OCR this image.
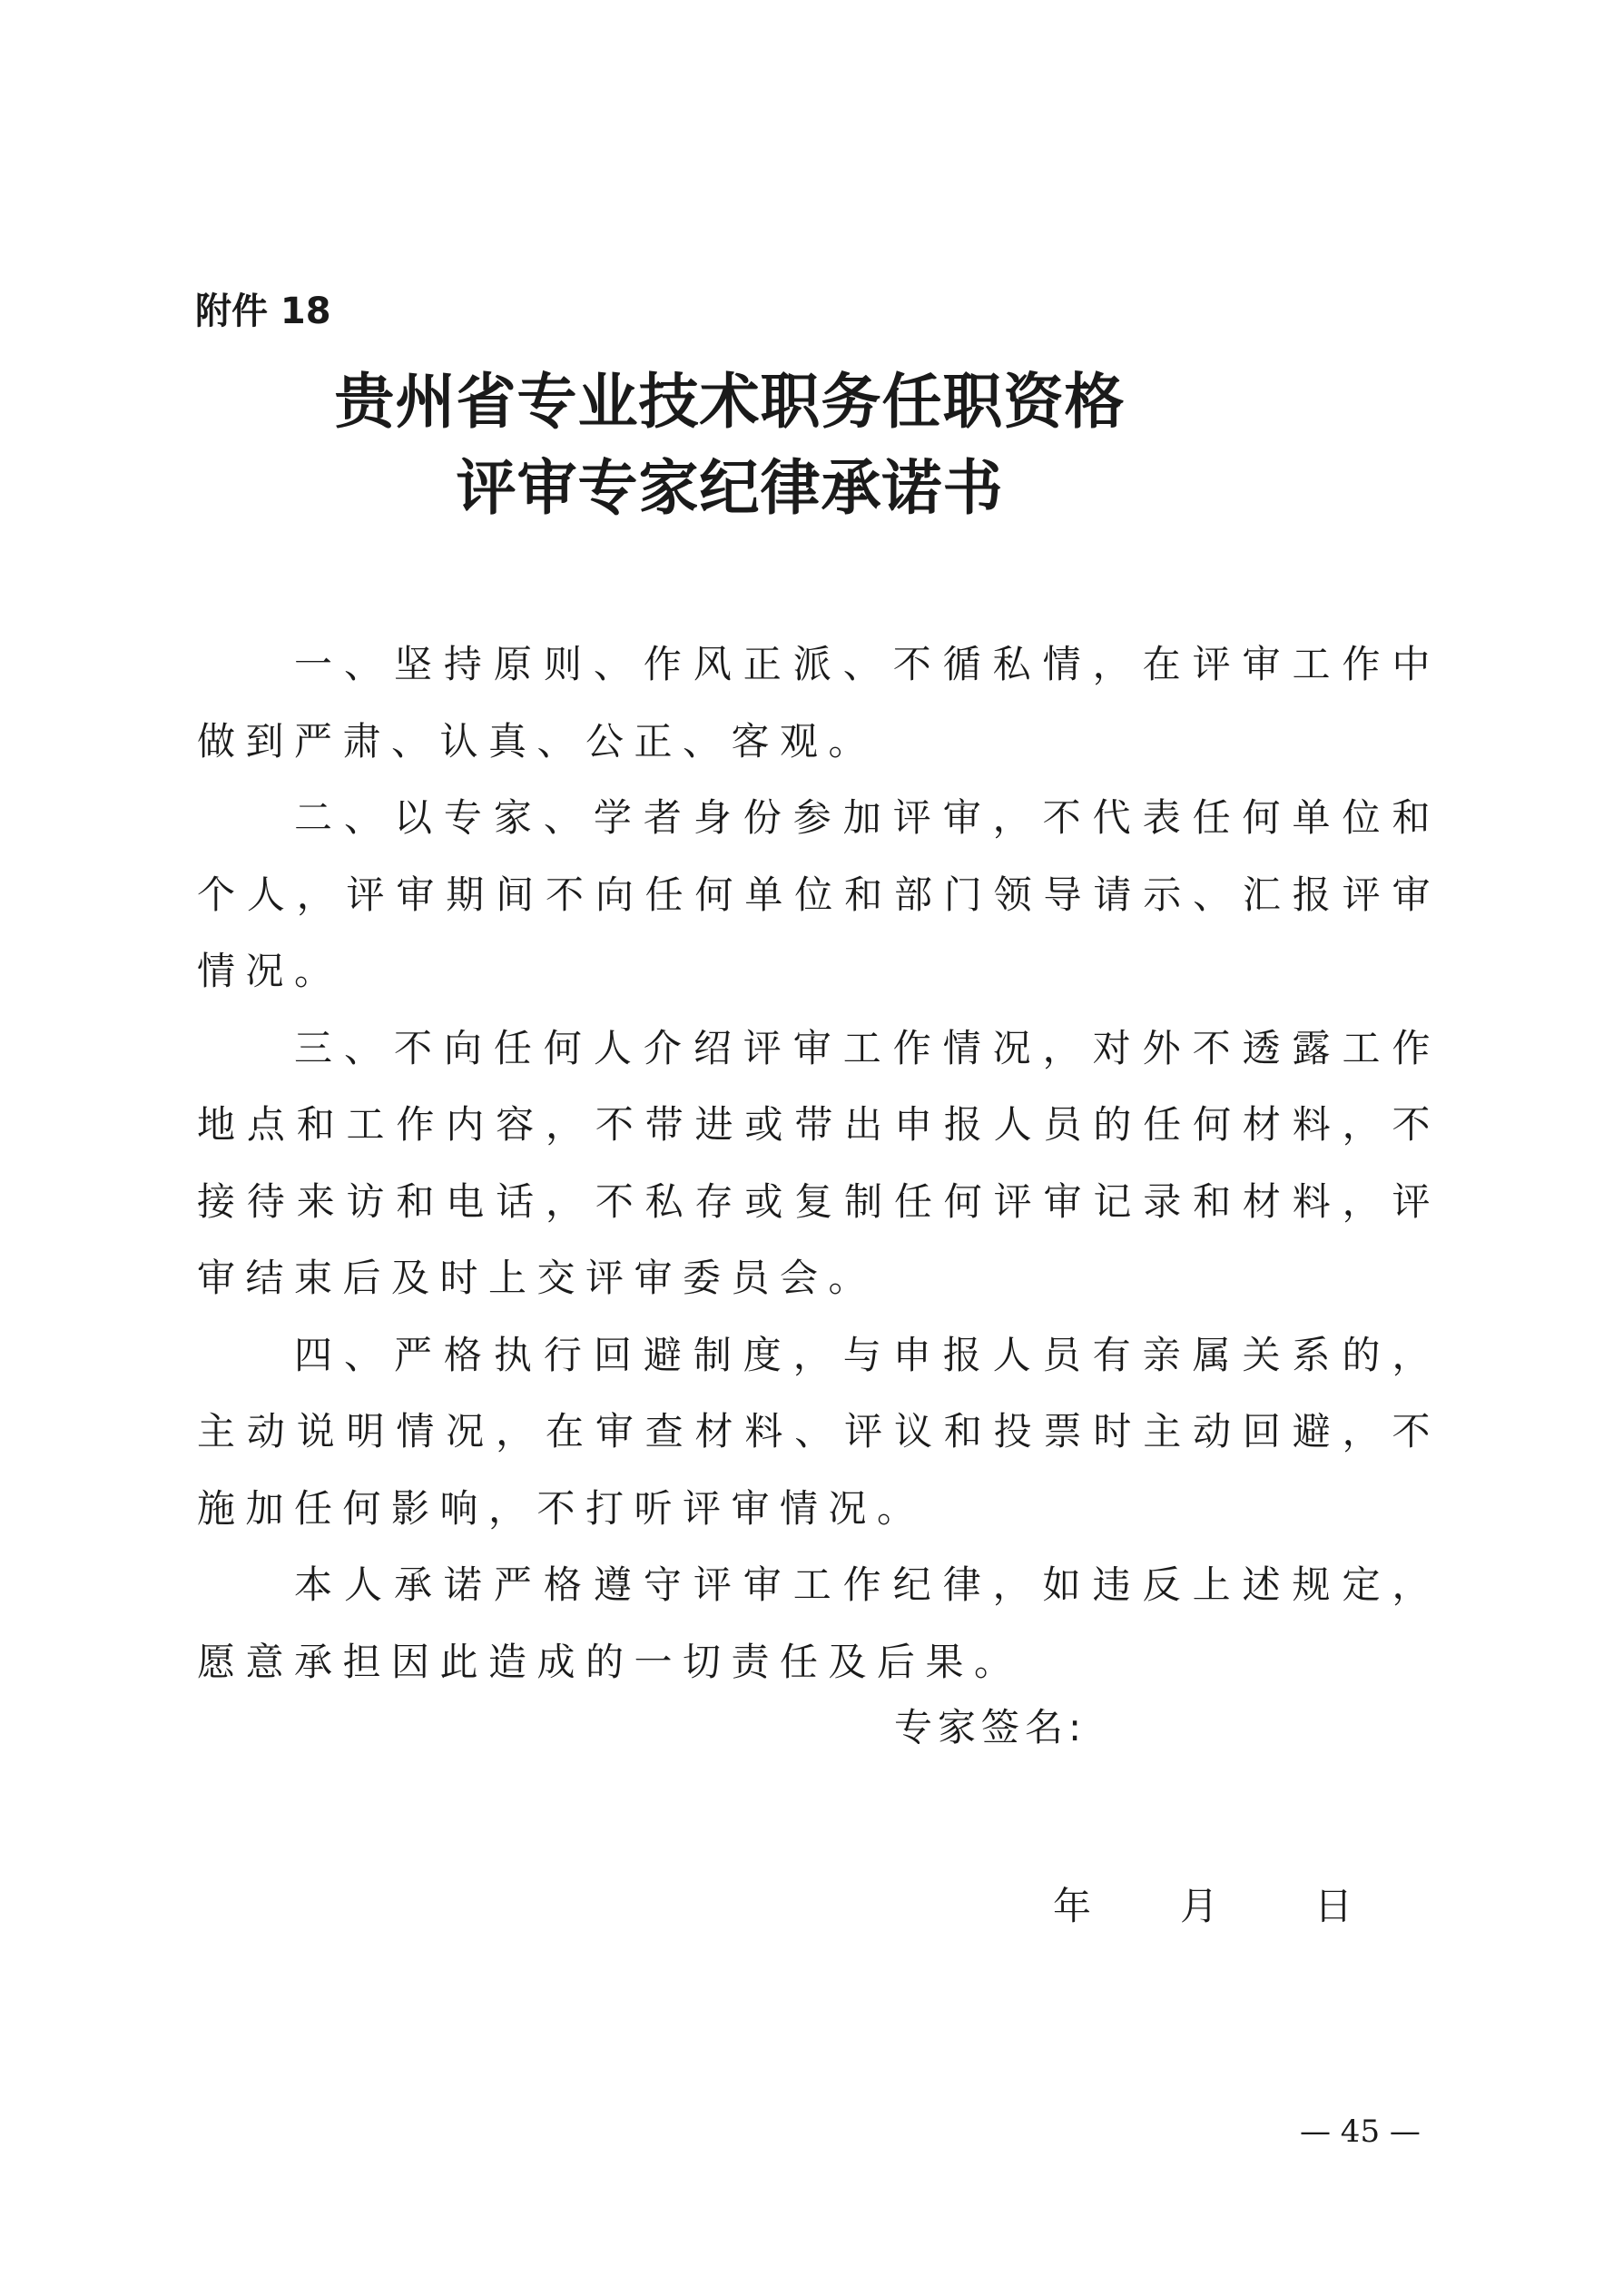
附件 18

贵州省专业技术职务任职资格
评审专家纪律承诺书

一、坚持原则、作风正派、不循私情，在评审工作中做到严肃、认真、公正、客观。

二、以专家、学者身份参加评审，不代表任何单位和个人，评审期间不向任何单位和部门领导请示、汇报评审情况。

三、不向任何人介绍评审工作情况，对外不透露工作地点和工作内容，不带进或带出申报人员的任何材料，不接待来访和电话，不私存或复制任何评审记录和材料，评审结束后及时上交评审委员会。

四、严格执行回避制度，与申报人员有亲属关系的，主动说明情况，在审查材料、评议和投票时主动回避，不施加任何影响，不打听评审情况。

本人承诺严格遵守评审工作纪律，如违反上述规定，愿意承担因此造成的一切责任及后果。

专家签名:

年 月	日

— 45 —
